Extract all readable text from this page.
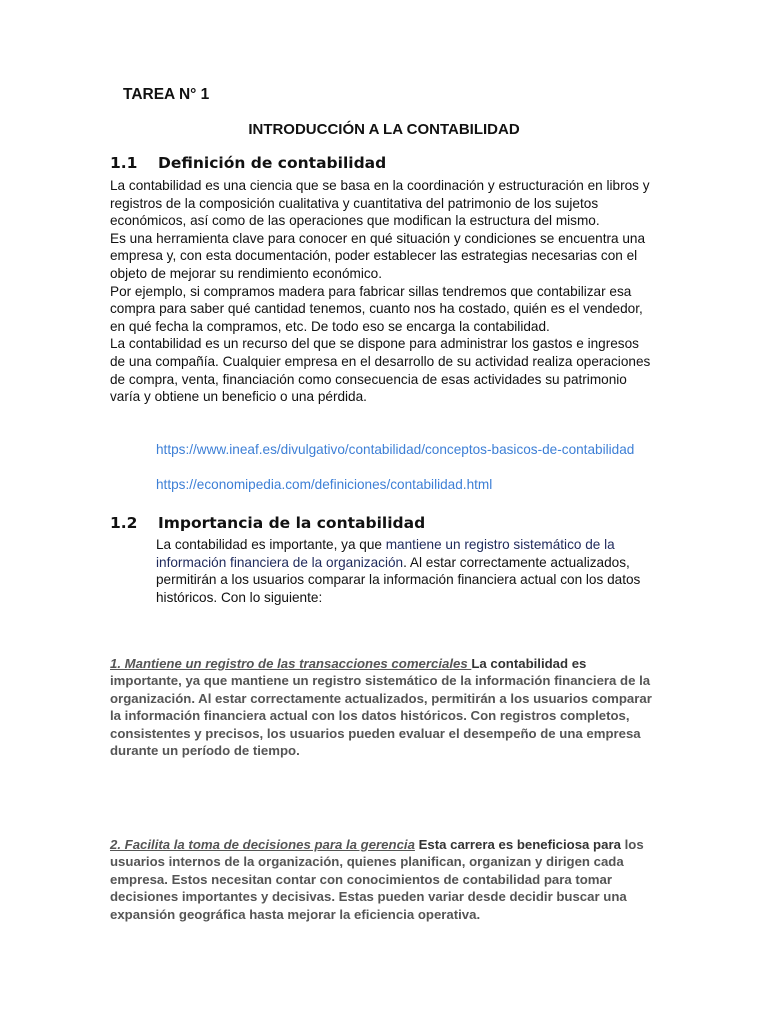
TAREA N° 1

INTRODUCCIÓN A LA CONTABILIDAD

1.1 Definición de contabilidad
La contabilidad es una ciencia que se basa en la coordinación y estructuración en libros y registros de la composición cualitativa y cuantitativa del patrimonio de los sujetos económicos, así como de las operaciones que modifican la estructura del mismo.
Es una herramienta clave para conocer en qué situación y condiciones se encuentra una empresa y, con esta documentación, poder establecer las estrategias necesarias con el objeto de mejorar su rendimiento económico.
Por ejemplo, si compramos madera para fabricar sillas tendremos que contabilizar esa compra para saber qué cantidad tenemos, cuanto nos ha costado, quién es el vendedor, en qué fecha la compramos, etc. De todo eso se encarga la contabilidad.
La contabilidad es un recurso del que se dispone para administrar los gastos e ingresos de una compañía. Cualquier empresa en el desarrollo de su actividad realiza operaciones de compra, venta, financiación como consecuencia de esas actividades su patrimonio varía y obtiene un beneficio o una pérdida.
https://www.ineaf.es/divulgativo/contabilidad/conceptos-basicos-de-contabilidad
https://economipedia.com/definiciones/contabilidad.html
1.2 Importancia de la contabilidad
La contabilidad es importante, ya que mantiene un registro sistemático de la información financiera de la organización. Al estar correctamente actualizados, permitirán a los usuarios comparar la información financiera actual con los datos históricos. Con lo siguiente:
1. Mantiene un registro de las transacciones comerciales La contabilidad es importante, ya que mantiene un registro sistemático de la información financiera de la organización. Al estar correctamente actualizados, permitirán a los usuarios comparar la información financiera actual con los datos históricos. Con registros completos, consistentes y precisos, los usuarios pueden evaluar el desempeño de una empresa durante un período de tiempo.
2. Facilita la toma de decisiones para la gerencia Esta carrera es beneficiosa para los usuarios internos de la organización, quienes planifican, organizan y dirigen cada empresa. Estos necesitan contar con conocimientos de contabilidad para tomar decisiones importantes y decisivas. Estas pueden variar desde decidir buscar una expansión geográfica hasta mejorar la eficiencia operativa.
